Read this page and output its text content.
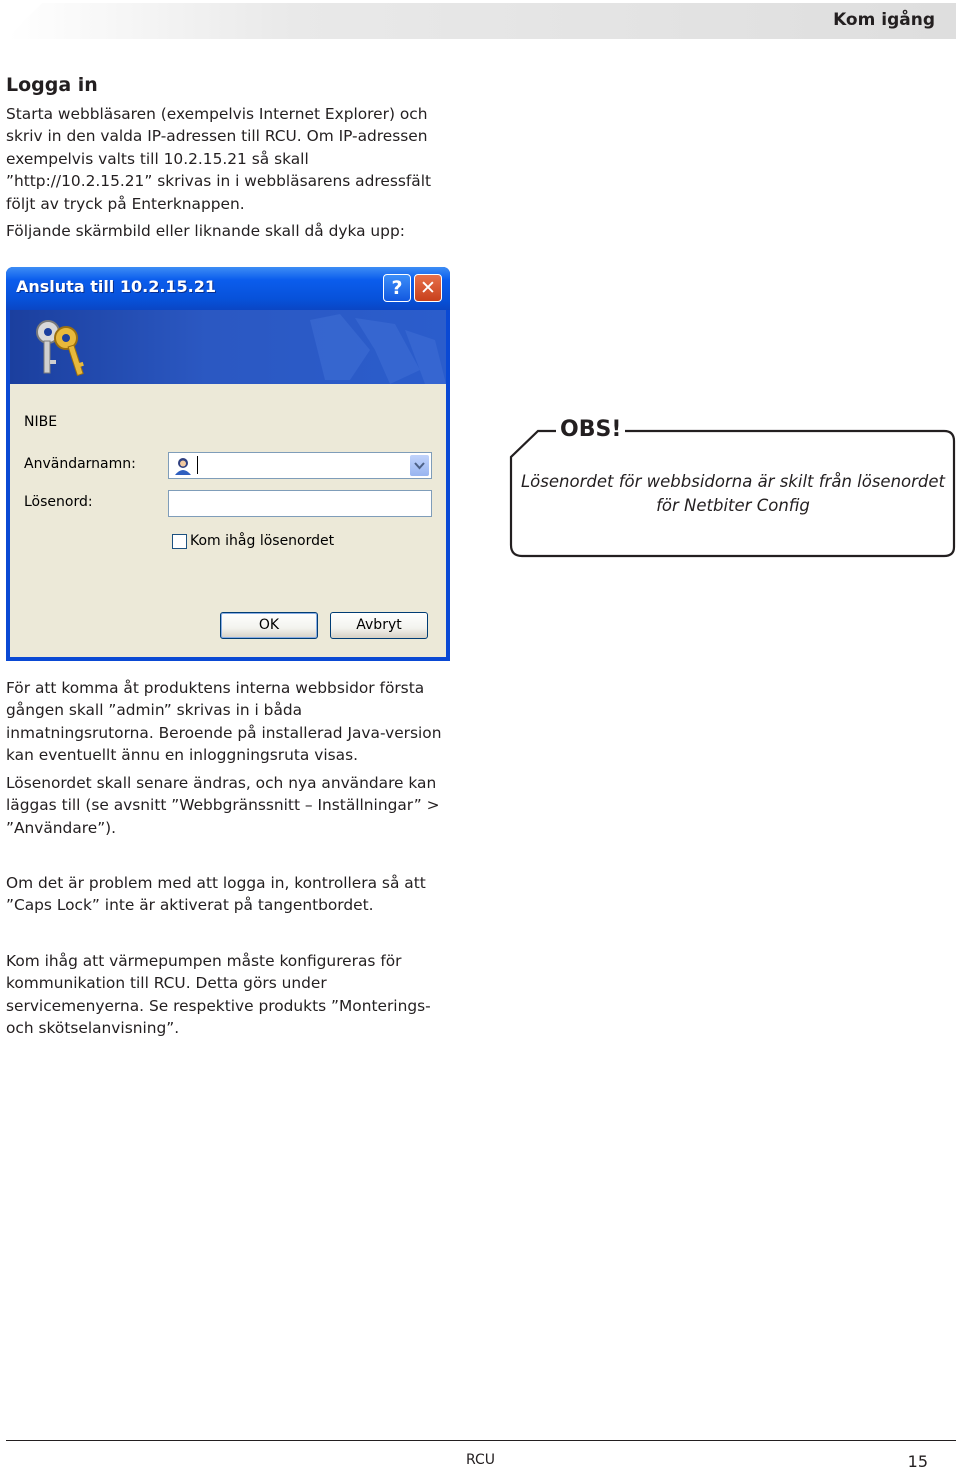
Kom igång
Logga in

Starta webbläsaren (exempelvis Internet Explorer) och skriv in den valda IP-adressen till RCU. Om IP-adressen exempelvis valts till 10.2.15.21 så skall ”http://10.2.15.21” skrivas in i webbläsarens adressfält följt av tryck på Enterknappen.

Följande skärmbild eller liknande skall då dyka upp:

Ansluta till 10.2.15.21	? ✕
NIBE
Användarnamn:
Lösenord:
Kom ihåg lösenordet
OK	Avbryt
OBS!

Lösenordet för webbsidorna är skilt från lösenordet för Netbiter Config

För att komma åt produktens interna webbsidor första gången skall ”admin” skrivas in i båda inmatningsrutorna. Beroende på installerad Java-version kan eventuellt ännu en inloggningsruta visas.

Lösenordet skall senare ändras, och nya användare kan läggas till (se avsnitt ”Webbgränssnitt – Inställningar” > ”Användare”).

Om det är problem med att logga in, kontrollera så att ”Caps Lock” inte är aktiverat på tangentbordet.

Kom ihåg att värmepumpen måste konfigureras för kommunikation till RCU. Detta görs under servicemenyerna. Se respektive produkts ”Monterings- och skötselanvisning”.

RCU	15
